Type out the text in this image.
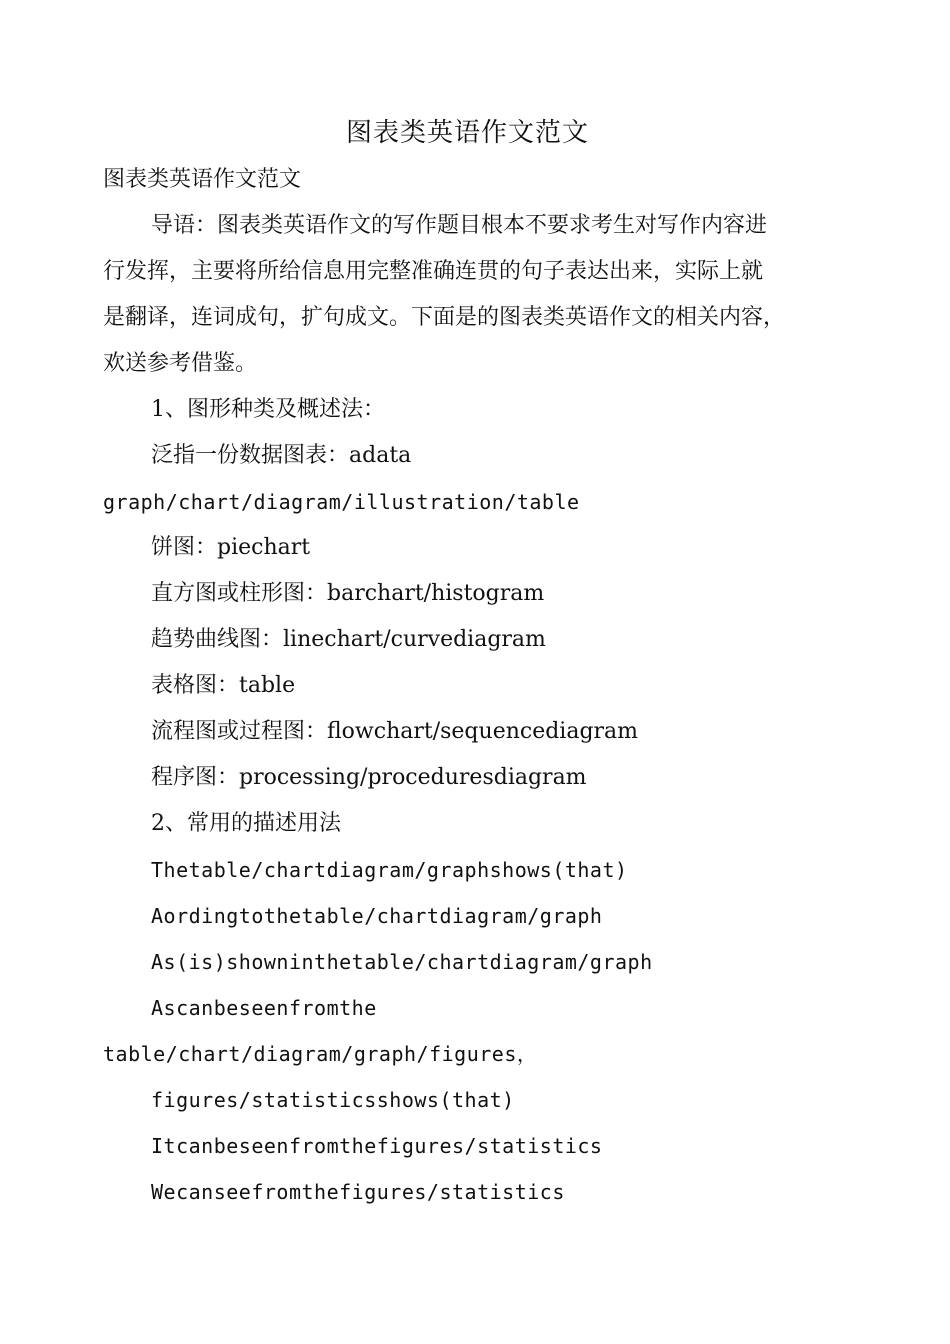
图表类英语作文范文
图表类英语作文范文
导语：图表类英语作文的写作题目根本不要求考生对写作内容进
行发挥，主要将所给信息用完整准确连贯的句子表达出来，实际上就
是翻译，连词成句，扩句成文。下面是的图表类英语作文的相关内容，
欢送参考借鉴。
1、图形种类及概述法：
泛指一份数据图表：adata
graph/chart/diagram/illustration/table
饼图：piechart
直方图或柱形图：barchart/histogram
趋势曲线图：linechart/curvediagram
表格图：table
流程图或过程图：flowchart/sequencediagram
程序图：processing/proceduresdiagram
2、常用的描述用法
Thetable/chartdiagram/graphshows(that)
Aordingtothetable/chartdiagram/graph
As(is)showninthetable/chartdiagram/graph
Ascanbeseenfromthe
table/chart/diagram/graph/figures，
figures/statisticsshows(that)
Itcanbeseenfromthefigures/statistics
Wecanseefromthefigures/statistics
